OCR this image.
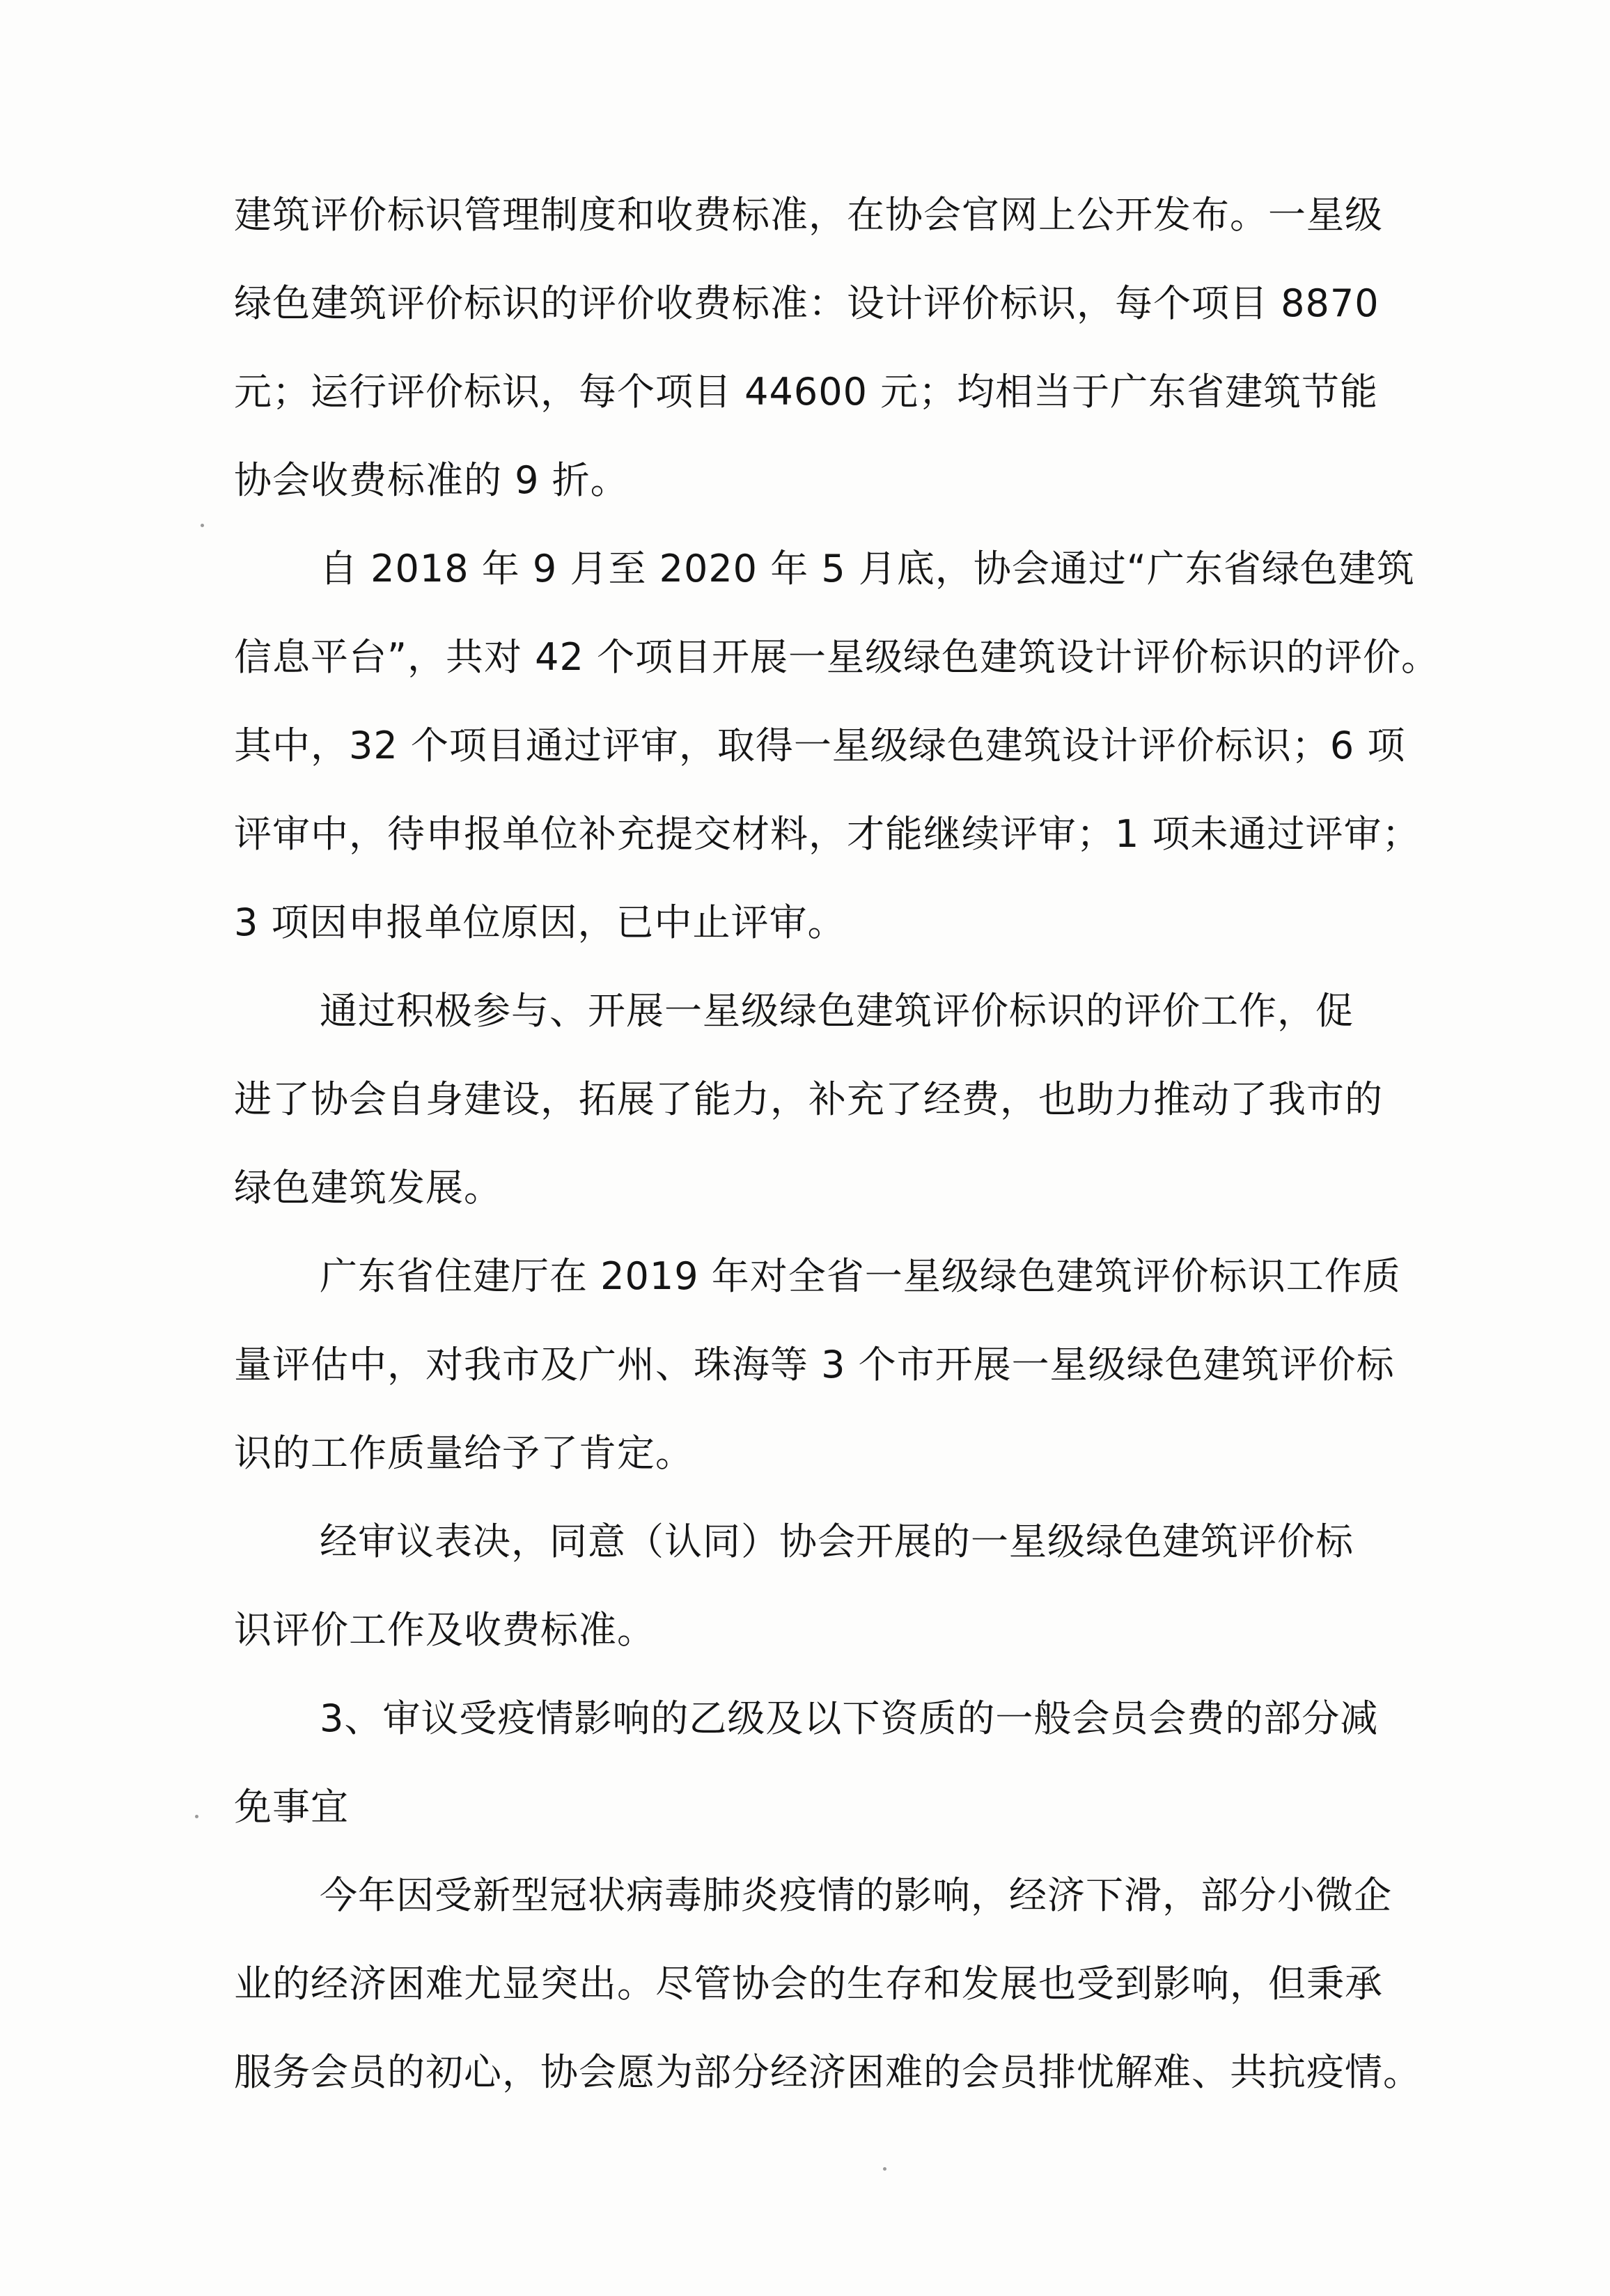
建筑评价标识管理制度和收费标准，在协会官网上公开发布。一星级
绿色建筑评价标识的评价收费标准：设计评价标识，每个项目 8870
元；运行评价标识，每个项目 44600 元；均相当于广东省建筑节能
协会收费标准的 9 折。
自 2018 年 9 月至 2020 年 5 月底，协会通过“广东省绿色建筑
信息平台”，共对 42 个项目开展一星级绿色建筑设计评价标识的评价。
其中，32 个项目通过评审，取得一星级绿色建筑设计评价标识；6 项
评审中，待申报单位补充提交材料，才能继续评审；1 项未通过评审；
3 项因申报单位原因，已中止评审。
通过积极参与、开展一星级绿色建筑评价标识的评价工作，促
进了协会自身建设，拓展了能力，补充了经费，也助力推动了我市的
绿色建筑发展。
广东省住建厅在 2019 年对全省一星级绿色建筑评价标识工作质
量评估中，对我市及广州、珠海等 3 个市开展一星级绿色建筑评价标
识的工作质量给予了肯定。
经审议表决，同意（认同）协会开展的一星级绿色建筑评价标
识评价工作及收费标准。
3、审议受疫情影响的乙级及以下资质的一般会员会费的部分减
免事宜
今年因受新型冠状病毒肺炎疫情的影响，经济下滑，部分小微企
业的经济困难尤显突出。尽管协会的生存和发展也受到影响，但秉承
服务会员的初心，协会愿为部分经济困难的会员排忧解难、共抗疫情。
